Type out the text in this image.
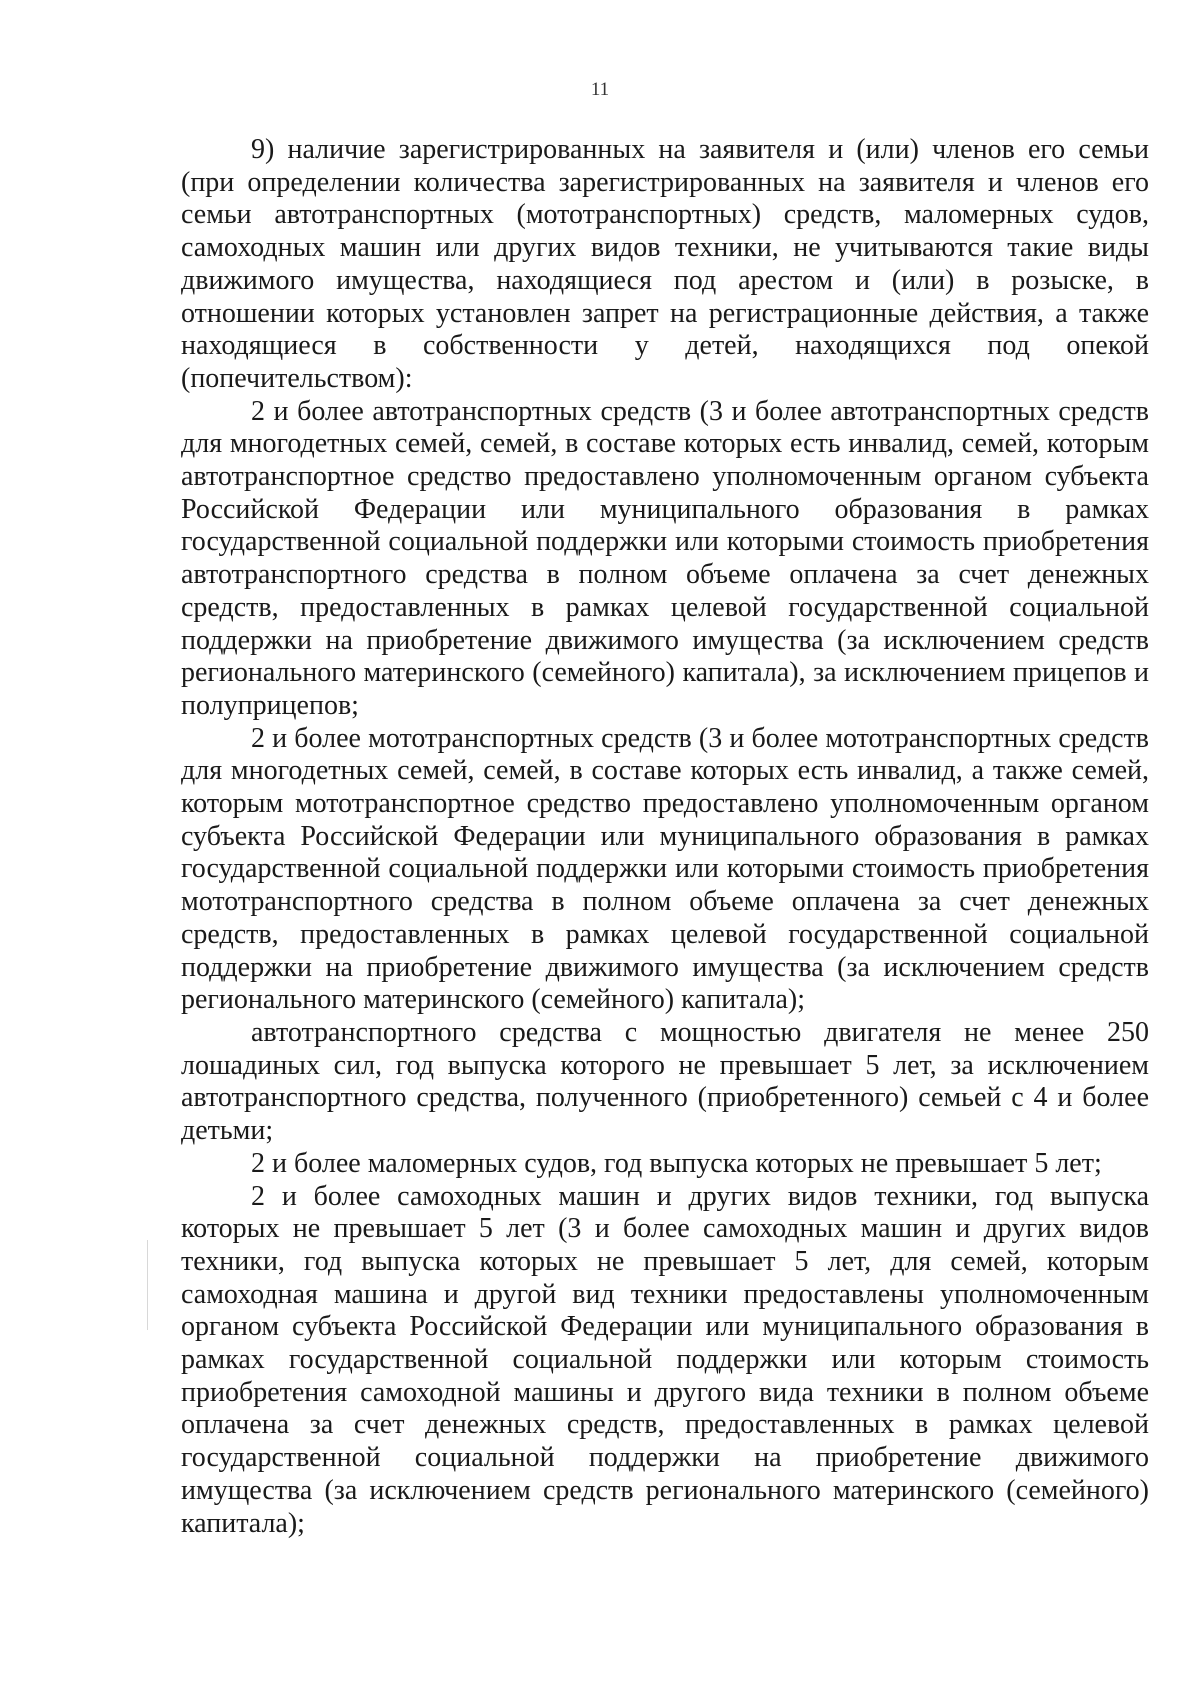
11

9) наличие зарегистрированных на заявителя и (или) членов его семьи (при определении количества зарегистрированных на заявителя и членов его семьи автотранспортных (мототранспортных) средств, маломерных судов, самоходных машин или других видов техники, не учитываются такие виды движимого имущества, находящиеся под арестом и (или) в розыске, в отношении которых установлен запрет на регистрационные действия, а также находящиеся в собственности у детей, находящихся под опекой (попечительством):

2 и более автотранспортных средств (3 и более автотранспортных средств для многодетных семей, семей, в составе которых есть инвалид, семей, которым автотранспортное средство предоставлено уполномоченным органом субъекта Российской Федерации или муниципального образования в рамках государственной социальной поддержки или которыми стоимость приобретения автотранспортного средства в полном объеме оплачена за счет денежных средств, предоставленных в рамках целевой государственной социальной поддержки на приобретение движимого имущества (за исключением средств регионального материнского (семейного) капитала), за исключением прицепов и полуприцепов;

2 и более мототранспортных средств (3 и более мототранспортных средств для многодетных семей, семей, в составе которых есть инвалид, а также семей, которым мототранспортное средство предоставлено уполномоченным органом субъекта Российской Федерации или муниципального образования в рамках государственной социальной поддержки или которыми стоимость приобретения мототранспортного средства в полном объеме оплачена за счет денежных средств, предоставленных в рамках целевой государственной социальной поддержки на приобретение движимого имущества (за исключением средств регионального материнского (семейного) капитала);

автотранспортного средства с мощностью двигателя не менее 250 лошадиных сил, год выпуска которого не превышает 5 лет, за исключением автотранспортного средства, полученного (приобретенного) семьей с 4 и более детьми;

2 и более маломерных судов, год выпуска которых не превышает 5 лет;

2 и более самоходных машин и других видов техники, год выпуска которых не превышает 5 лет (3 и более самоходных машин и других видов техники, год выпуска которых не превышает 5 лет, для семей, которым самоходная машина и другой вид техники предоставлены уполномоченным органом субъекта Российской Федерации или муниципального образования в рамках государственной социальной поддержки или которым стоимость приобретения самоходной машины и другого вида техники в полном объеме оплачена за счет денежных средств, предоставленных в рамках целевой государственной социальной поддержки на приобретение движимого имущества (за исключением средств регионального материнского (семейного) капитала);
